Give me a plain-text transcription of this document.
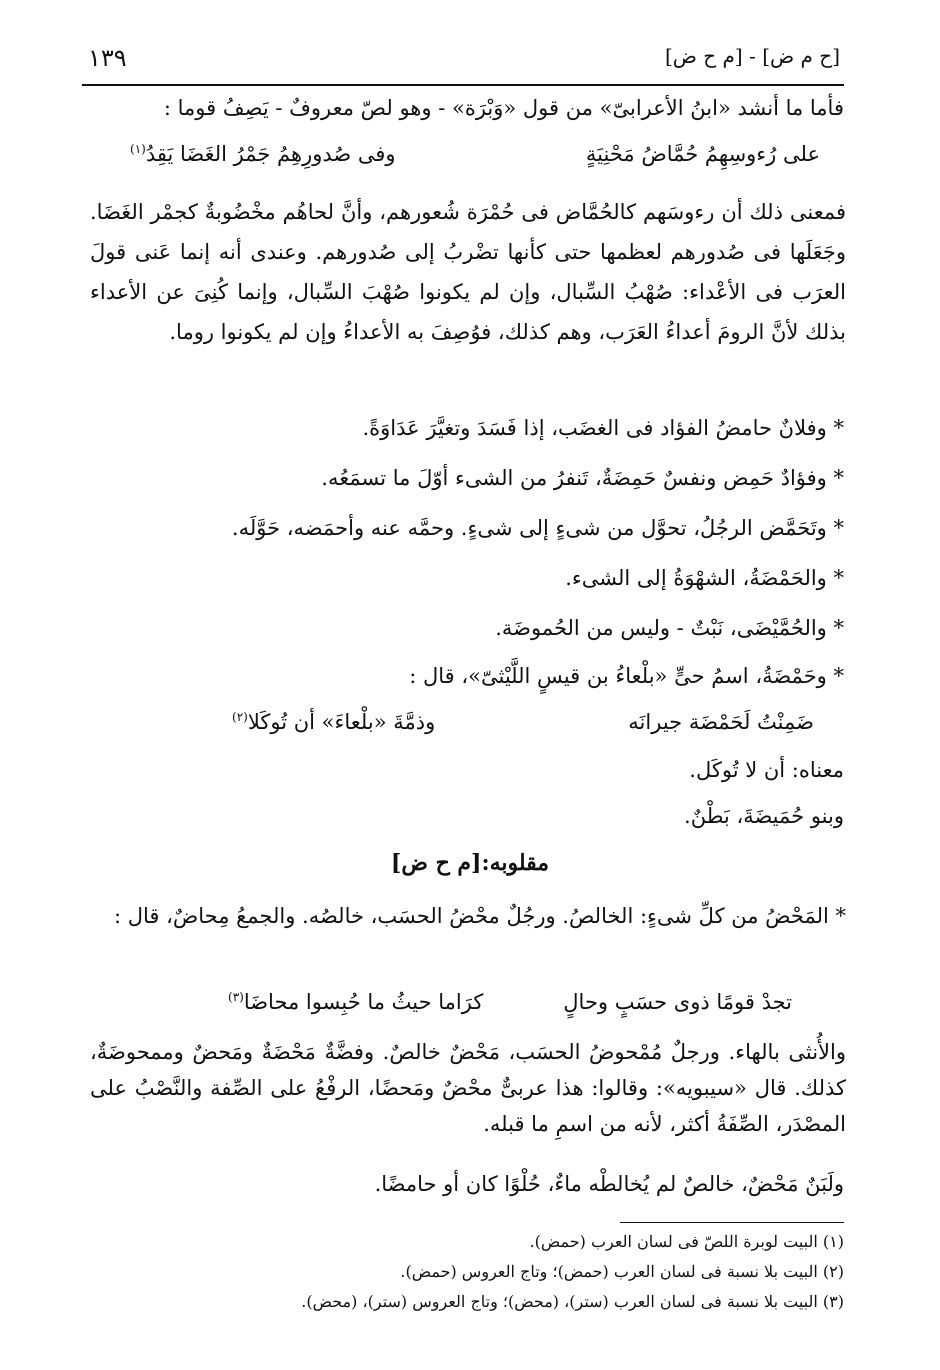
[ح م ض] - [م ح ض]
١٣٩
فأما ما أنشد «ابنُ الأعرابىّ» من قول «وَبْرَة» - وهو لصّ معروفٌ - يَصِفُ قوما :
على رُءوسِهِمُ حُمَّاضُ مَحْنِيَةٍ
وفى صُدورِهِمُ جَمْرُ الغَضَا يَقِدُ$^{(١)}$
فمعنى ذلك أن رءوسَهم كالحُمَّاض فى حُمْرَة شُعورهم، وأنَّ لحاهُم مخْضُوبةٌ كجمْر الغَضَا. وجَعَلَها فى صُدورهم لعظمها حتى كأنها تضْربُ إلى صُدورهم. وعندى أنه إنما عَنى قولَ العرَب فى الأعْداء: صُهْبُ السِّبال، وإن لم يكونوا صُهْبَ السِّبال، وإنما كُنِىَ عن الأعداء بذلك لأنَّ الرومَ أعداءُ العَرَب، وهم كذلك، فوُصِفَ به الأعداءُ وإن لم يكونوا روما.
* وفلانٌ حامضُ الفؤاد فى الغضَب، إذا فَسَدَ وتغيَّرَ عَدَاوَةً.
* وفؤادٌ حَمِض ونفسٌ حَمِضَةٌ، تَنفرُ من الشىء أوّلَ ما تسمَعُه.
* وتَحَمَّض الرجُلُ، تحوَّل من شىءٍ إلى شىءٍ. وحمَّه عنه وأحمَضه، حَوَّلَه.
* والحَمْضَةُ، الشهْوَةُ إلى الشىء.
* والحُمَّيْضَى، نَبْتٌ - وليس من الحُموضَة.
* وحَمْضَةُ، اسمُ حىٍّ «بلْعاءُ بن قيسٍ اللَّيْثىّ»، قال :
ضَمِنْتُ لَحَمْضَة جيرانَه
وذمَّةَ «بلْعاءَ» أن تُوكَلا$^{(٢)}$
معناه: أن لا تُوكَل.
وبنو حُمَيضَةَ، بَطْنٌ.
مقلوبه:[م ح ض]
* المَحْضُ من كلِّ شىءٍ: الخالصُ. ورجُلٌ محْضُ الحسَب، خالصُه. والجمعُ مِحاضٌ، قال :
تجدْ قومًا ذوى حسَبٍ وحالٍ
كرَاما حيثُ ما حُبِسوا محاضَا$^{(٣)}$
والأُنثى بالهاء. ورجلٌ مُمْحوضُ الحسَب، مَحْضٌ خالصٌ. وفضَّةٌ مَحْضَةٌ ومَحضٌ وممحوضَةٌ، كذلك. قال «سيبويه»: وقالوا: هذا عربىٌّ محْضٌ ومَحضًا، الرفْعُ على الصِّفة والنَّصْبُ على المصْدَر، الصِّفَةُ أكثر، لأنه من اسمِ ما قبله.
ولَبَنٌ مَحْضٌ، خالصٌ لم يُخالطْه ماءٌ، حُلْوًا كان أو حامضًا.
(١) البيت لوبرة اللصّ فى لسان العرب (حمض).
(٢) البيت بلا نسبة فى لسان العرب (حمض)؛ وتاج العروس (حمض).
(٣) البيت بلا نسبة فى لسان العرب (ستر)، (محض)؛ وتاج العروس (ستر)، (محض).
